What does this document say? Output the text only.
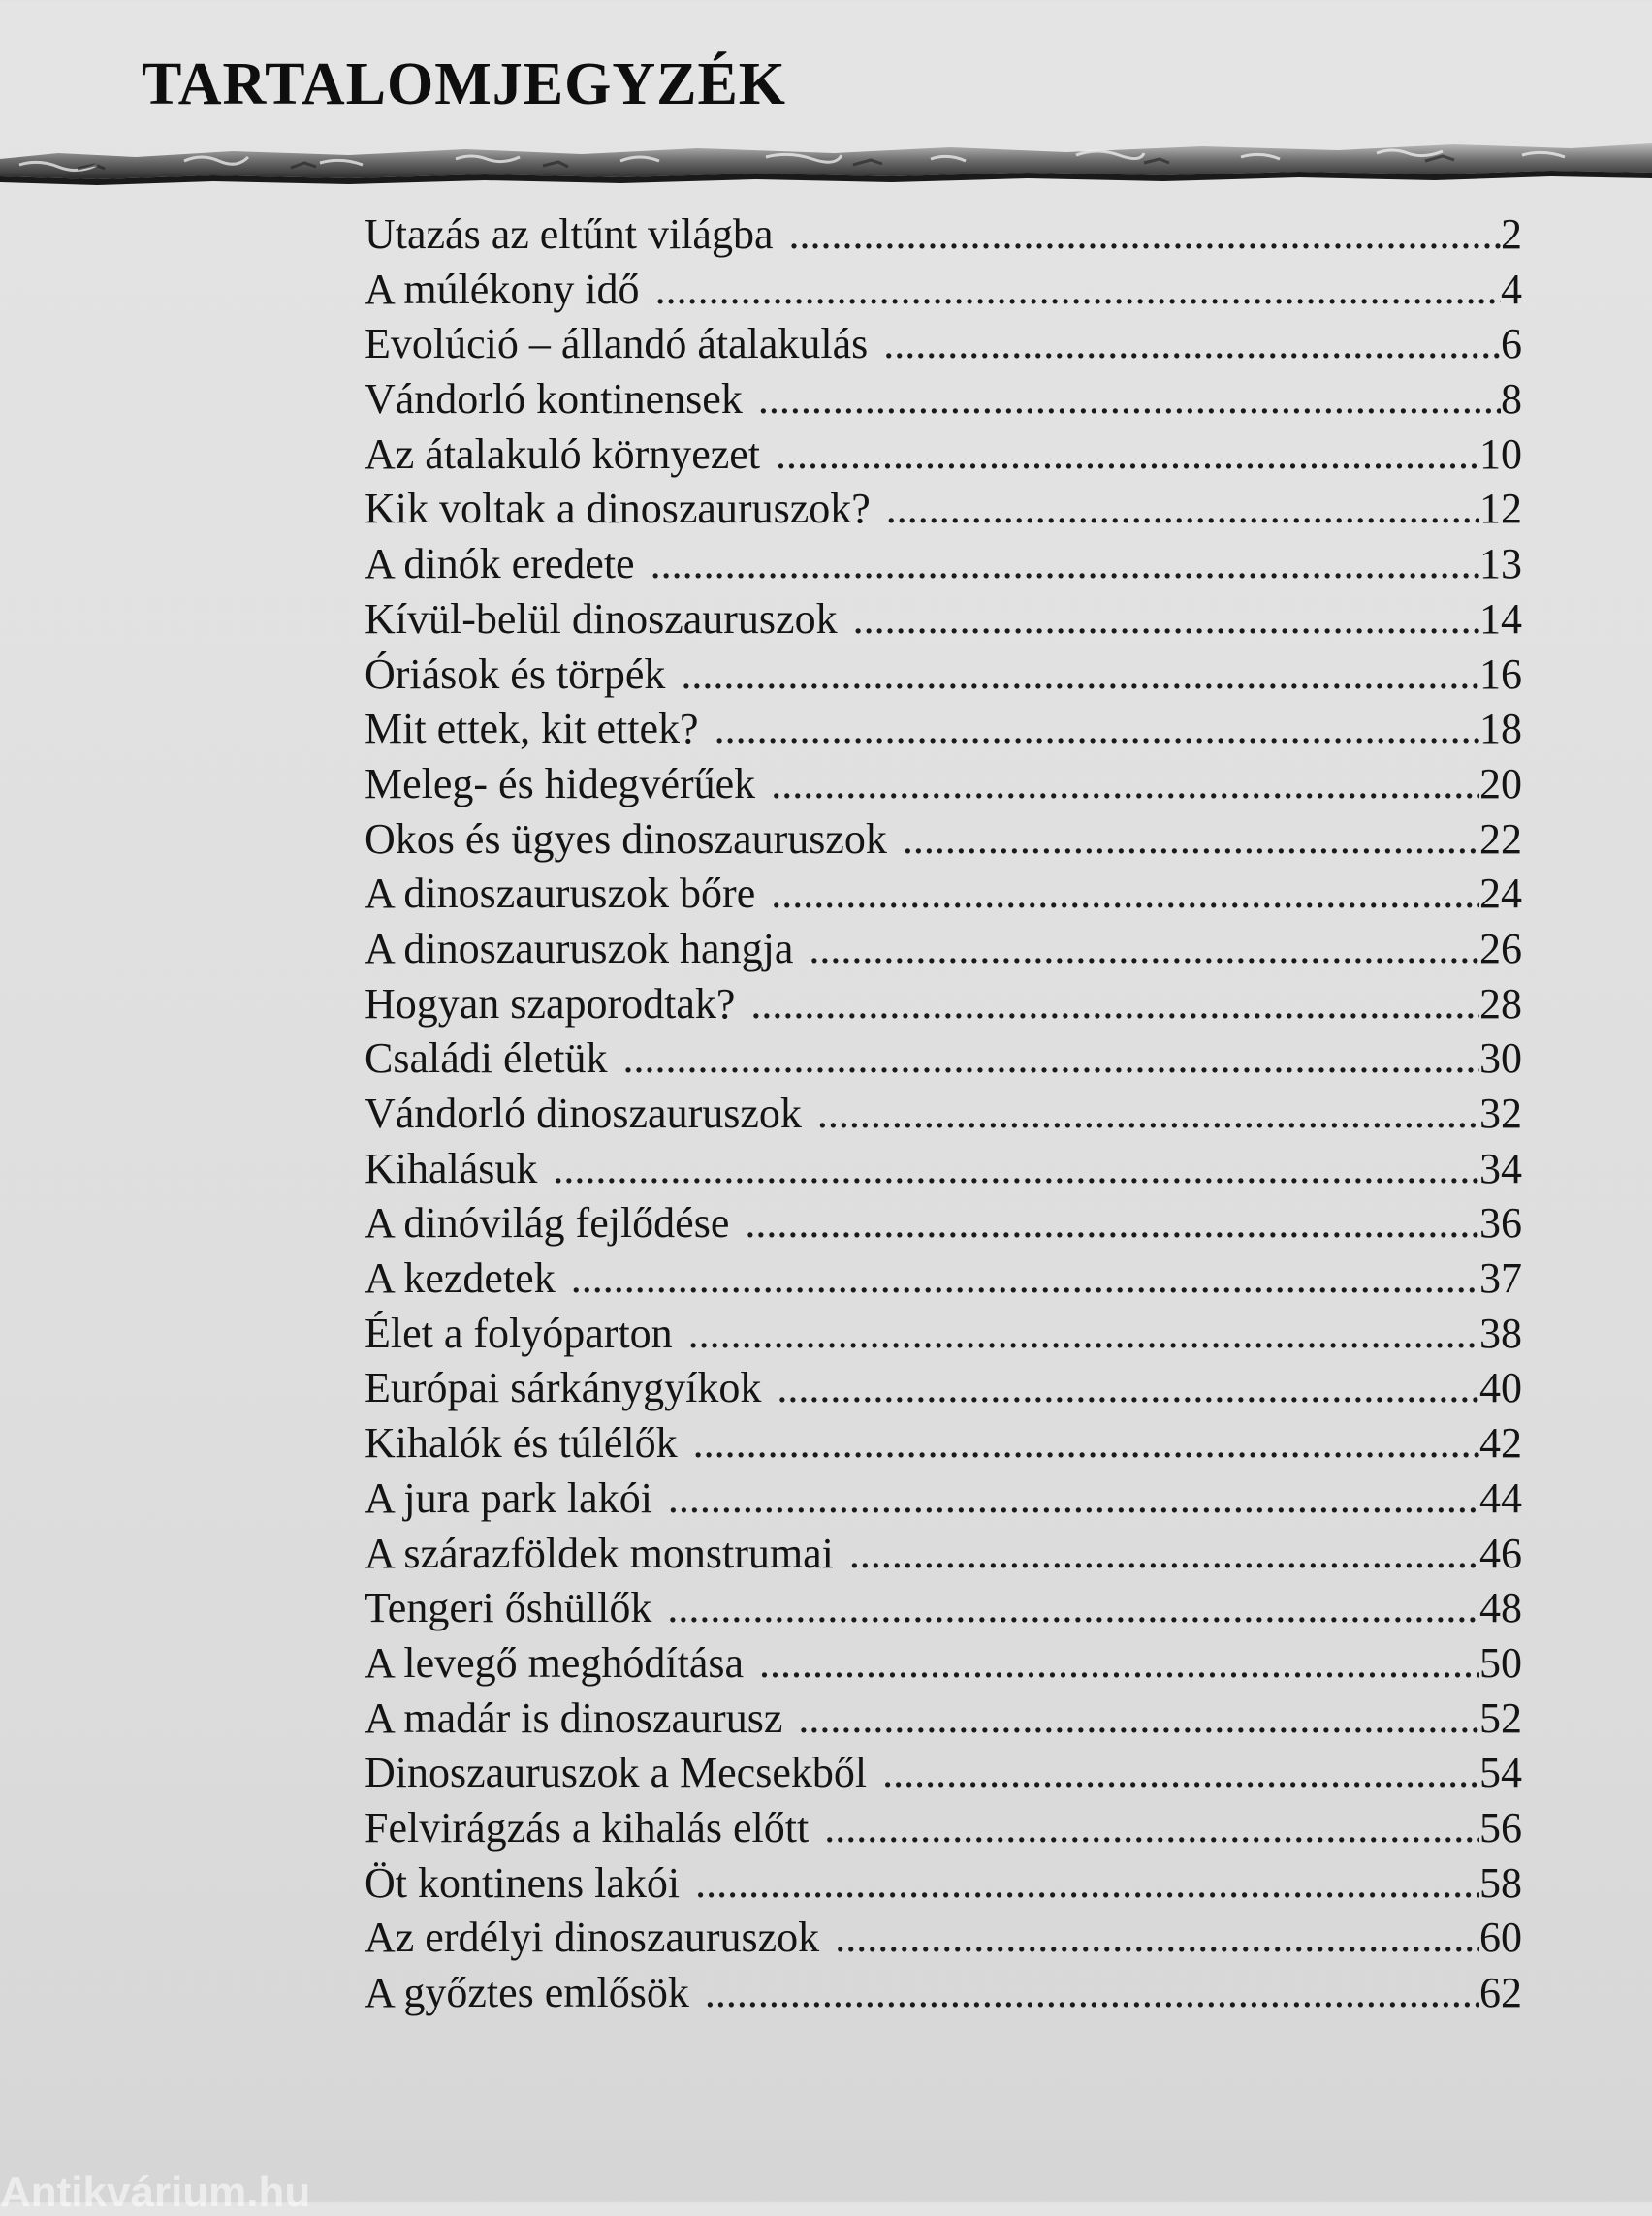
TARTALOMJEGYZÉK
Utazás az eltűnt világba .....	2
A múlékony idő .....	4
Evolúció – állandó átalakulás .....	6
Vándorló kontinensek .....	8
Az átalakuló környezet .....	10
Kik voltak a dinoszauruszok? .....	12
A dinók eredete .....	13
Kívül-belül dinoszauruszok .....	14
Óriások és törpék .....	16
Mit ettek, kit ettek? .....	18
Meleg- és hidegvérűek .....	20
Okos és ügyes dinoszauruszok .....	22
A dinoszauruszok bőre .....	24
A dinoszauruszok hangja .....	26
Hogyan szaporodtak? .....	28
Családi életük .....	30
Vándorló dinoszauruszok .....	32
Kihalásuk .....	34
A dinóvilág fejlődése .....	36
A kezdetek .....	37
Élet a folyóparton .....	38
Európai sárkánygyíkok .....	40
Kihalók és túlélők .....	42
A jura park lakói .....	44
A szárazföldek monstrumai .....	46
Tengeri őshüllők .....	48
A levegő meghódítása .....	50
A madár is dinoszaurusz .....	52
Dinoszauruszok a Mecsekből .....	54
Felvirágzás a kihalás előtt .....	56
Öt kontinens lakói .....	58
Az erdélyi dinoszauruszok .....	60
A győztes emlősök .....	62
Antikvárium.hu
